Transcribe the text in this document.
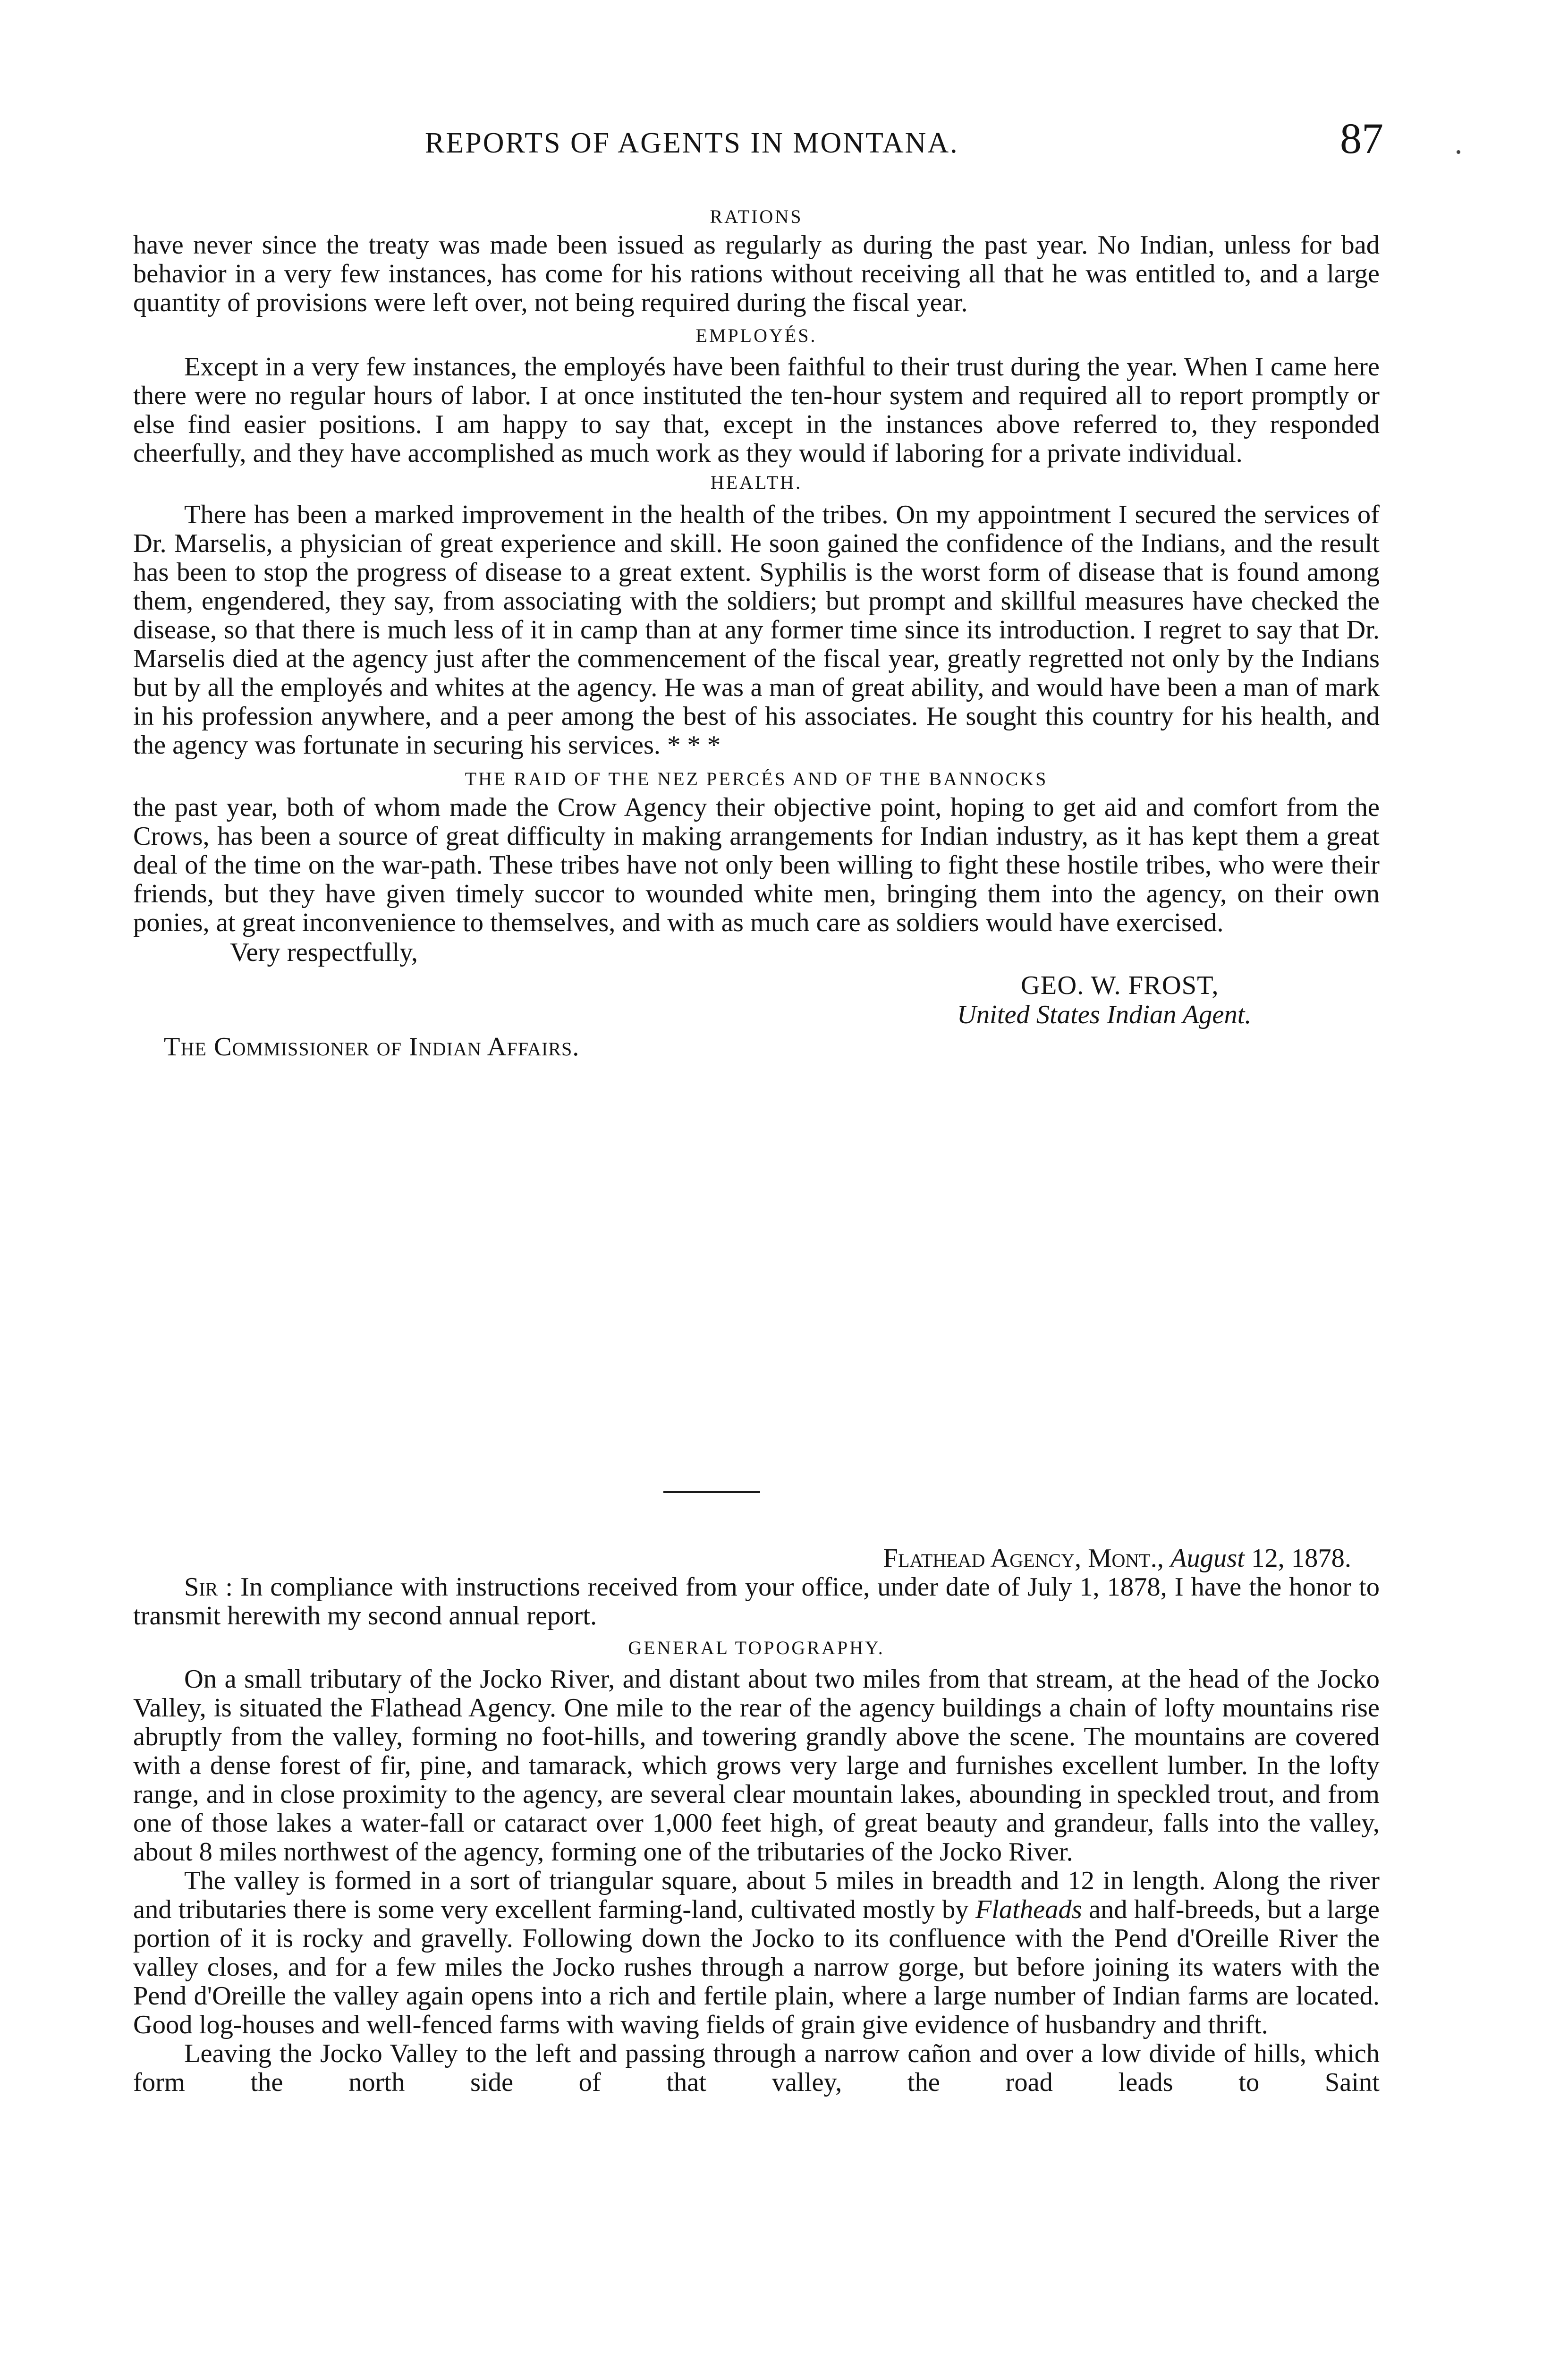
REPORTS OF AGENTS IN MONTANA.	87
RATIONS

have never since the treaty was made been issued as regularly as during the past year. No Indian, unless for bad behavior in a very few instances, has come for his rations without receiving all that he was entitled to, and a large quantity of provisions were left over, not being required during the fiscal year.

EMPLOYÉS.

Except in a very few instances, the employés have been faithful to their trust during the year. When I came here there were no regular hours of labor. I at once instituted the ten-hour system and required all to report promptly or else find easier positions. I am happy to say that, except in the instances above referred to, they responded cheerfully, and they have accomplished as much work as they would if laboring for a private individual.

HEALTH.

There has been a marked improvement in the health of the tribes. On my appointment I secured the services of Dr. Marselis, a physician of great experience and skill. He soon gained the confidence of the Indians, and the result has been to stop the progress of disease to a great extent. Syphilis is the worst form of disease that is found among them, engendered, they say, from associating with the soldiers; but prompt and skillful measures have checked the disease, so that there is much less of it in camp than at any former time since its introduction. I regret to say that Dr. Marselis died at the agency just after the commencement of the fiscal year, greatly regretted not only by the Indians but by all the employés and whites at the agency. He was a man of great ability, and would have been a man of mark in his profession anywhere, and a peer among the best of his associates. He sought this country for his health, and the agency was fortunate in securing his services. * * *

THE RAID OF THE NEZ PERCÉS AND OF THE BANNOCKS

the past year, both of whom made the Crow Agency their objective point, hoping to get aid and comfort from the Crows, has been a source of great difficulty in making arrangements for Indian industry, as it has kept them a great deal of the time on the war-path. These tribes have not only been willing to fight these hostile tribes, who were their friends, but they have given timely succor to wounded white men, bringing them into the agency, on their own ponies, at great inconvenience to themselves, and with as much care as soldiers would have exercised.

Very respectfully,
GEO. W. FROST,
United States Indian Agent.
The Commissioner of Indian Affairs.
Flathead Agency, Mont., August 12, 1878.

Sir : In compliance with instructions received from your office, under date of July 1, 1878, I have the honor to transmit herewith my second annual report.

GENERAL TOPOGRAPHY.

On a small tributary of the Jocko River, and distant about two miles from that stream, at the head of the Jocko Valley, is situated the Flathead Agency. One mile to the rear of the agency buildings a chain of lofty mountains rise abruptly from the valley, forming no foot-hills, and towering grandly above the scene. The mountains are covered with a dense forest of fir, pine, and tamarack, which grows very large and furnishes excellent lumber. In the lofty range, and in close proximity to the agency, are several clear mountain lakes, abounding in speckled trout, and from one of those lakes a water-fall or cataract over 1,000 feet high, of great beauty and grandeur, falls into the valley, about 8 miles northwest of the agency, forming one of the tributaries of the Jocko River.

The valley is formed in a sort of triangular square, about 5 miles in breadth and 12 in length. Along the river and tributaries there is some very excellent farming-land, cultivated mostly by Flatheads and half-breeds, but a large portion of it is rocky and gravelly. Following down the Jocko to its confluence with the Pend d'Oreille River the valley closes, and for a few miles the Jocko rushes through a narrow gorge, but before joining its waters with the Pend d'Oreille the valley again opens into a rich and fertile plain, where a large number of Indian farms are located. Good log-houses and well-fenced farms with waving fields of grain give evidence of husbandry and thrift.

Leaving the Jocko Valley to the left and passing through a narrow cañon and over a low divide of hills, which form the north side of that valley, the road leads to Saint
